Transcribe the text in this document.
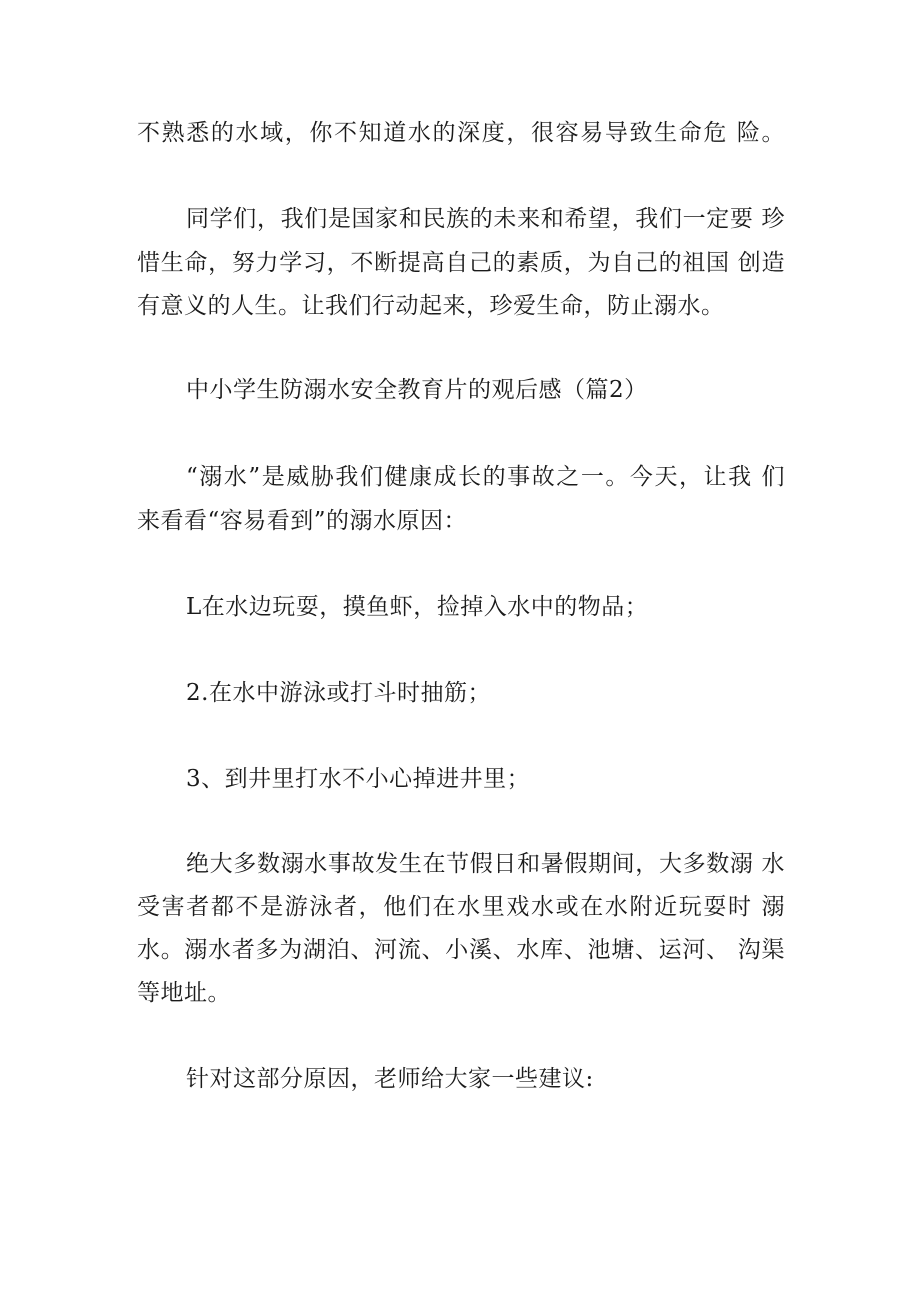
不熟悉的水域，你不知道水的深度，很容易导致生命危 险。
同学们，我们是国家和民族的未来和希望，我们一定要 珍
惜生命，努力学习，不断提高自己的素质，为自己的祖国 创造
有意义的人生。让我们行动起来，珍爱生命，防止溺水。
中小学生防溺水安全教育片的观后感（篇2）
“溺水”是威胁我们健康成长的事故之一。今天，让我 们
来看看“容易看到”的溺水原因：
L在水边玩耍，摸鱼虾，捡掉入水中的物品；
2.在水中游泳或打斗时抽筋；
3、到井里打水不小心掉进井里；
绝大多数溺水事故发生在节假日和暑假期间，大多数溺 水
受害者都不是游泳者，他们在水里戏水或在水附近玩耍时 溺
水。溺水者多为湖泊、河流、小溪、水库、池塘、运河、 沟渠
等地址。
针对这部分原因，老师给大家一些建议:
